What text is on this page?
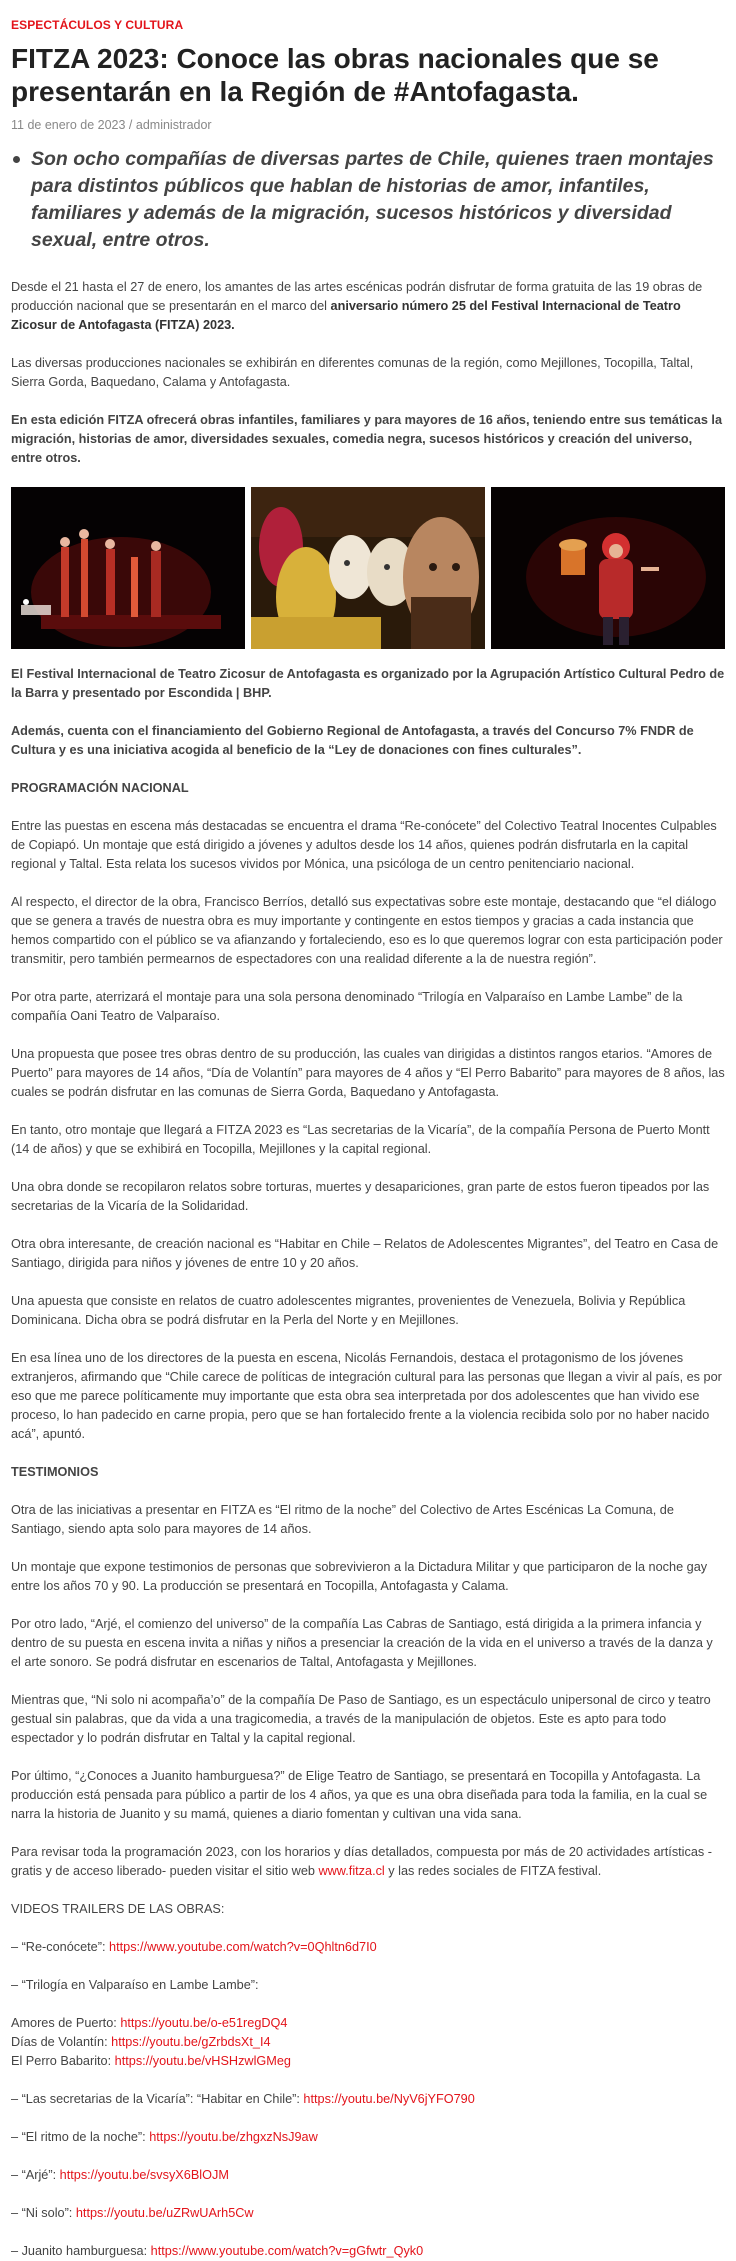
ESPECTÁCULOS Y CULTURA
FITZA 2023: Conoce las obras nacionales que se presentarán en la Región de #Antofagasta.
11 de enero de 2023 / administrador

Son ocho compañías de diversas partes de Chile, quienes traen montajes para distintos públicos que hablan de historias de amor, infantiles, familiares y además de la migración, sucesos históricos y diversidad sexual, entre otros.

Desde el 21 hasta el 27 de enero, los amantes de las artes escénicas podrán disfrutar de forma gratuita de las 19 obras de producción nacional que se presentarán en el marco del aniversario número 25 del Festival Internacional de Teatro Zicosur de Antofagasta (FITZA) 2023.

Las diversas producciones nacionales se exhibirán en diferentes comunas de la región, como Mejillones, Tocopilla, Taltal, Sierra Gorda, Baquedano, Calama y Antofagasta.

En esta edición FITZA ofrecerá obras infantiles, familiares y para mayores de 16 años, teniendo entre sus temáticas la migración, historias de amor, diversidades sexuales, comedia negra, sucesos históricos y creación del universo, entre otros.

El Festival Internacional de Teatro Zicosur de Antofagasta es organizado por la Agrupación Artístico Cultural Pedro de la Barra y presentado por Escondida | BHP.

Además, cuenta con el financiamiento del Gobierno Regional de Antofagasta, a través del Concurso 7% FNDR de Cultura y es una iniciativa acogida al beneficio de la “Ley de donaciones con fines culturales”.

PROGRAMACIÓN NACIONAL

Entre las puestas en escena más destacadas se encuentra el drama “Re-conócete” del Colectivo Teatral Inocentes Culpables de Copiapó. Un montaje que está dirigido a jóvenes y adultos desde los 14 años, quienes podrán disfrutarla en la capital regional y Taltal. Esta relata los sucesos vividos por Mónica, una psicóloga de un centro penitenciario nacional.

Al respecto, el director de la obra, Francisco Berríos, detalló sus expectativas sobre este montaje, destacando que “el diálogo que se genera a través de nuestra obra es muy importante y contingente en estos tiempos y gracias a cada instancia que hemos compartido con el público se va afianzando y fortaleciendo, eso es lo que queremos lograr con esta participación poder transmitir, pero también permearnos de espectadores con una realidad diferente a la de nuestra región”.

Por otra parte, aterrizará el montaje para una sola persona denominado “Trilogía en Valparaíso en Lambe Lambe” de la compañía Oani Teatro de Valparaíso.

Una propuesta que posee tres obras dentro de su producción, las cuales van dirigidas a distintos rangos etarios. “Amores de Puerto” para mayores de 14 años, “Día de Volantín” para mayores de 4 años y “El Perro Babarito” para mayores de 8 años, las cuales se podrán disfrutar en las comunas de Sierra Gorda, Baquedano y Antofagasta.

En tanto, otro montaje que llegará a FITZA 2023 es “Las secretarias de la Vicaría”, de la compañía Persona de Puerto Montt (14 de años) y que se exhibirá en Tocopilla, Mejillones y la capital regional.

Una obra donde se recopilaron relatos sobre torturas, muertes y desapariciones, gran parte de estos fueron tipeados por las secretarias de la Vicaría de la Solidaridad.

Otra obra interesante, de creación nacional es “Habitar en Chile – Relatos de Adolescentes Migrantes”, del Teatro en Casa de Santiago, dirigida para niños y jóvenes de entre 10 y 20 años.

Una apuesta que consiste en relatos de cuatro adolescentes migrantes, provenientes de Venezuela, Bolivia y República Dominicana. Dicha obra se podrá disfrutar en la Perla del Norte y en Mejillones.

En esa línea uno de los directores de la puesta en escena, Nicolás Fernandois, destaca el protagonismo de los jóvenes extranjeros, afirmando que “Chile carece de políticas de integración cultural para las personas que llegan a vivir al país, es por eso que me parece políticamente muy importante que esta obra sea interpretada por dos adolescentes que han vivido ese proceso, lo han padecido en carne propia, pero que se han fortalecido frente a la violencia recibida solo por no haber nacido acá”, apuntó.

TESTIMONIOS

Otra de las iniciativas a presentar en FITZA es “El ritmo de la noche” del Colectivo de Artes Escénicas La Comuna, de Santiago, siendo apta solo para mayores de 14 años.

Un montaje que expone testimonios de personas que sobrevivieron a la Dictadura Militar y que participaron de la noche gay entre los años 70 y 90. La producción se presentará en Tocopilla, Antofagasta y Calama.

Por otro lado, “Arjé, el comienzo del universo” de la compañía Las Cabras de Santiago, está dirigida a la primera infancia y dentro de su puesta en escena invita a niñas y niños a presenciar la creación de la vida en el universo a través de la danza y el arte sonoro. Se podrá disfrutar en escenarios de Taltal, Antofagasta y Mejillones.

Mientras que, “Ni solo ni acompaña’o” de la compañía De Paso de Santiago, es un espectáculo unipersonal de circo y teatro gestual sin palabras, que da vida a una tragicomedia, a través de la manipulación de objetos. Este es apto para todo espectador y lo podrán disfrutar en Taltal y la capital regional.

Por último, “¿Conoces a Juanito hamburguesa?” de Elige Teatro de Santiago, se presentará en Tocopilla y Antofagasta. La producción está pensada para público a partir de los 4 años, ya que es una obra diseñada para toda la familia, en la cual se narra la historia de Juanito y su mamá, quienes a diario fomentan y cultivan una vida sana.

Para revisar toda la programación 2023, con los horarios y días detallados, compuesta por más de 20 actividades artísticas -gratis y de acceso liberado- pueden visitar el sitio web www.fitza.cl y las redes sociales de FITZA festival.

VIDEOS TRAILERS DE LAS OBRAS:

– “Re-conócete”: https://www.youtube.com/watch?v=0Qhltn6d7I0

– “Trilogía en Valparaíso en Lambe Lambe”:

Amores de Puerto: https://youtu.be/o-e51regDQ4
Días de Volantín: https://youtu.be/gZrbdsXt_I4
El Perro Babarito: https://youtu.be/vHSHzwlGMeg

– “Las secretarias de la Vicaría”: “Habitar en Chile”: https://youtu.be/NyV6jYFO790

– “El ritmo de la noche”: https://youtu.be/zhgxzNsJ9aw

– “Arjé”: https://youtu.be/svsyX6BlOJM

– “Ni solo”: https://youtu.be/uZRwUArh5Cw

– Juanito hamburguesa: https://www.youtube.com/watch?v=gGfwtr_Qyk0
